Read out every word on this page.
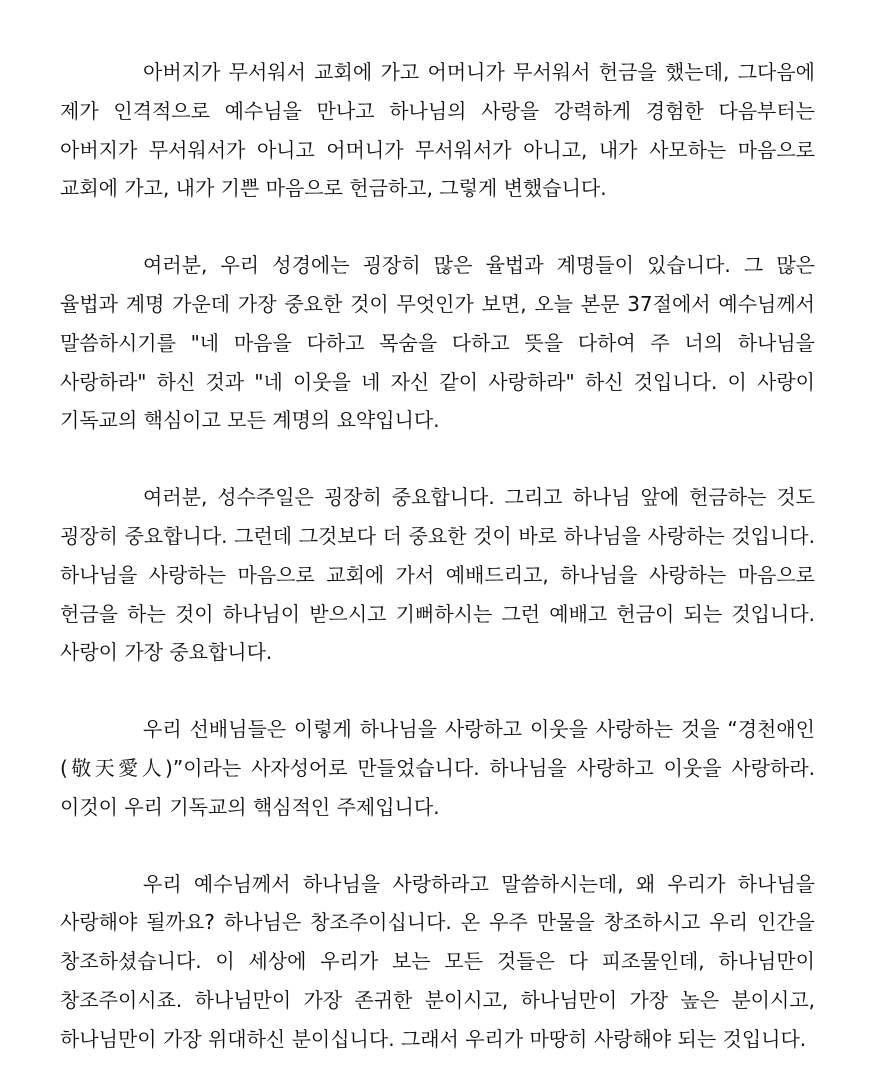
아버지가 무서워서 교회에 가고 어머니가 무서워서 헌금을 했는데, 그다음에 제가 인격적으로 예수님을 만나고 하나님의 사랑을 강력하게 경험한 다음부터는 아버지가 무서워서가 아니고 어머니가 무서워서가 아니고, 내가 사모하는 마음으로 교회에 가고, 내가 기쁜 마음으로 헌금하고, 그렇게 변했습니다.

여러분, 우리 성경에는 굉장히 많은 율법과 계명들이 있습니다. 그 많은 율법과 계명 가운데 가장 중요한 것이 무엇인가 보면, 오늘 본문 37절에서 예수님께서 말씀하시기를 "네 마음을 다하고 목숨을 다하고 뜻을 다하여 주 너의 하나님을 사랑하라" 하신 것과 "네 이웃을 네 자신 같이 사랑하라" 하신 것입니다. 이 사랑이 기독교의 핵심이고 모든 계명의 요약입니다.

여러분, 성수주일은 굉장히 중요합니다. 그리고 하나님 앞에 헌금하는 것도 굉장히 중요합니다. 그런데 그것보다 더 중요한 것이 바로 하나님을 사랑하는 것입니다. 하나님을 사랑하는 마음으로 교회에 가서 예배드리고, 하나님을 사랑하는 마음으로 헌금을 하는 것이 하나님이 받으시고 기뻐하시는 그런 예배고 헌금이 되는 것입니다. 사랑이 가장 중요합니다.

우리 선배님들은 이렇게 하나님을 사랑하고 이웃을 사랑하는 것을 “경천애인(敬天愛人)”이라는 사자성어로 만들었습니다. 하나님을 사랑하고 이웃을 사랑하라. 이것이 우리 기독교의 핵심적인 주제입니다.

우리 예수님께서 하나님을 사랑하라고 말씀하시는데, 왜 우리가 하나님을 사랑해야 될까요? 하나님은 창조주이십니다. 온 우주 만물을 창조하시고 우리 인간을 창조하셨습니다. 이 세상에 우리가 보는 모든 것들은 다 피조물인데, 하나님만이 창조주이시죠. 하나님만이 가장 존귀한 분이시고, 하나님만이 가장 높은 분이시고, 하나님만이 가장 위대하신 분이십니다. 그래서 우리가 마땅히 사랑해야 되는 것입니다.
